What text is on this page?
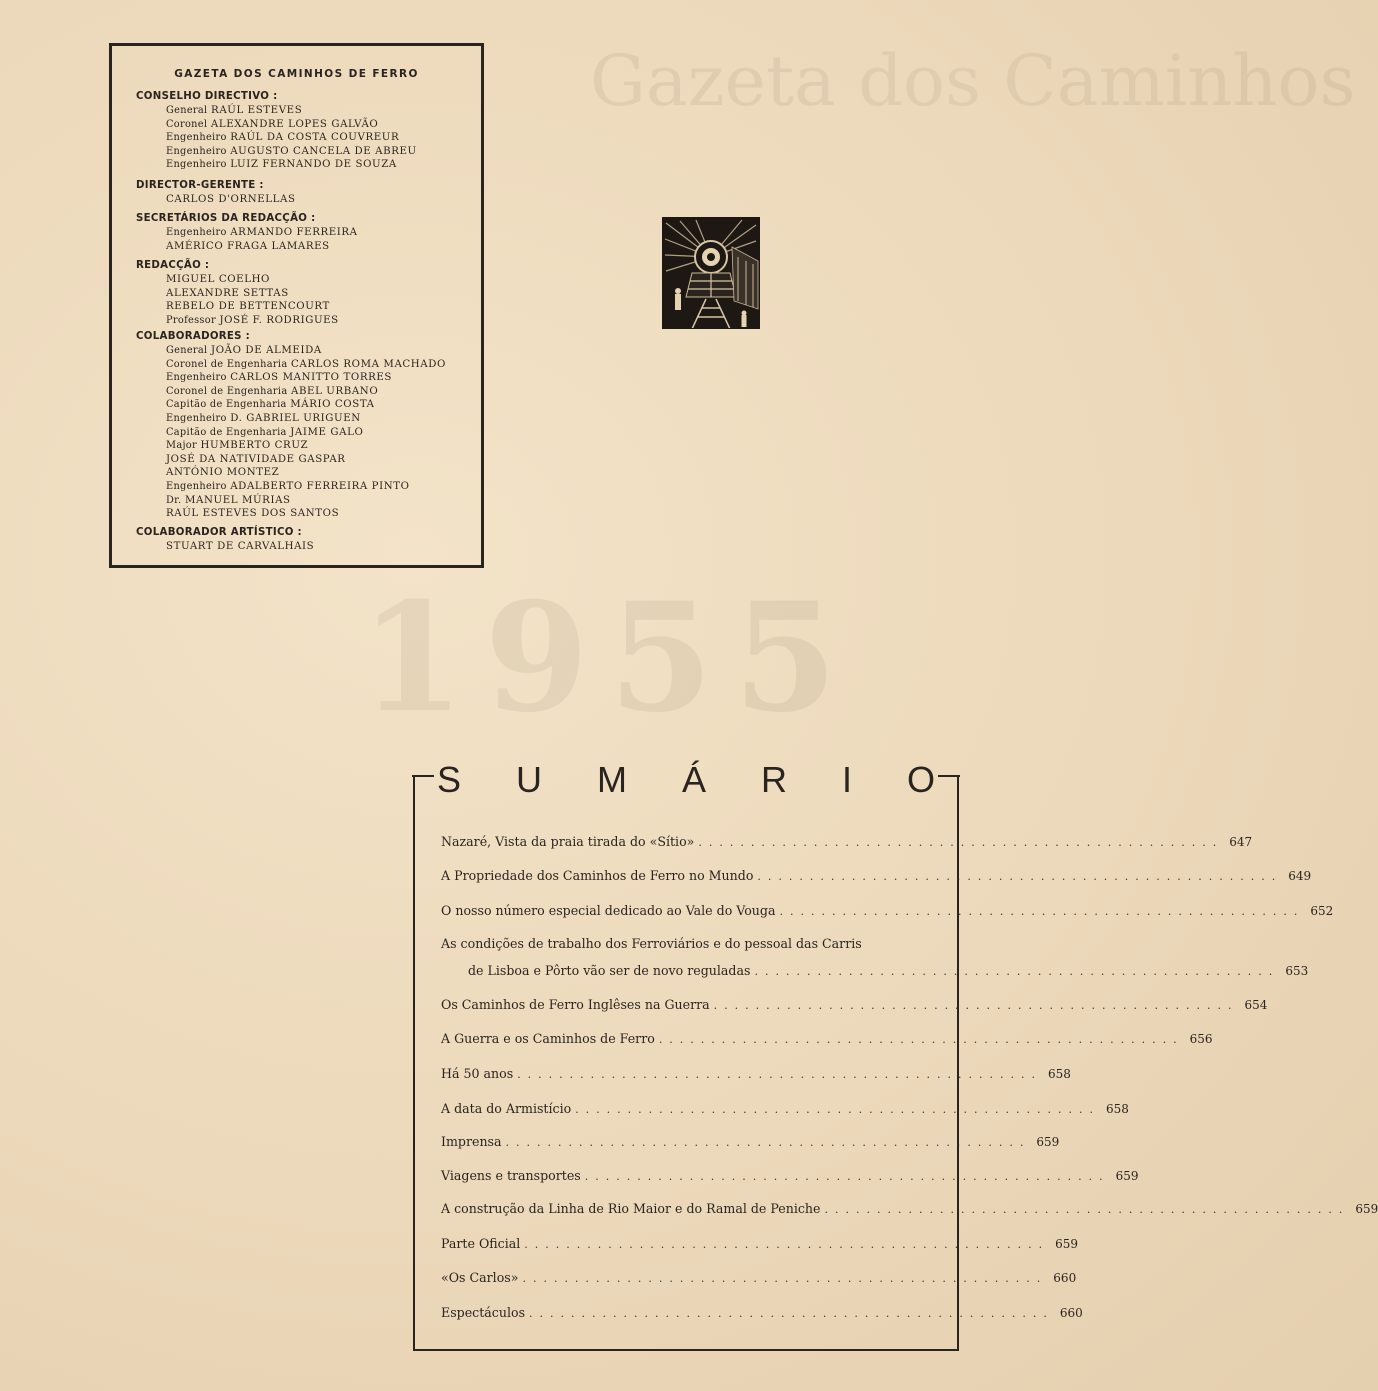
Gazeta dos Caminhos
1955
GAZETA DOS CAMINHOS DE FERRO
CONSELHO DIRECTIVO :
General RAÚL ESTEVES
Coronel ALEXANDRE LOPES GALVÃO
Engenheiro RAÚL DA COSTA COUVREUR
Engenheiro AUGUSTO CANCELA DE ABREU
Engenheiro LUIZ FERNANDO DE SOUZA
DIRECTOR-GERENTE :
CARLOS D'ORNELLAS
SECRETÁRIOS DA REDACÇÃO :
Engenheiro ARMANDO FERREIRA
AMÉRICO FRAGA LAMARES
REDACÇÃO :
MIGUEL COELHO
ALEXANDRE SETTAS
REBELO DE BETTENCOURT
Professor JOSÉ F. RODRIGUES
COLABORADORES :
General JOÃO DE ALMEIDA
Coronel de Engenharia CARLOS ROMA MACHADO
Engenheiro CARLOS MANITTO TORRES
Coronel de Engenharia ABEL URBANO
Capitão de Engenharia MÁRIO COSTA
Engenheiro D. GABRIEL URIGUEN
Capitão de Engenharia JAIME GALO
Major HUMBERTO CRUZ
JOSÉ DA NATIVIDADE GASPAR
ANTÓNIO MONTEZ
Engenheiro ADALBERTO FERREIRA PINTO
Dr. MANUEL MÚRIAS
RAÚL ESTEVES DOS SANTOS
COLABORADOR ARTÍSTICO :
STUART DE CARVALHAIS
S U M Á R I O
Nazaré, Vista da praia tirada do «Sítio» .................................................. 647
A Propriedade dos Caminhos de Ferro no Mundo .................................................. 649
O nosso número especial dedicado ao Vale do Vouga .................................................. 652
As condições de trabalho dos Ferroviários e do pessoal das Carris
de Lisboa e Pôrto vão ser de novo reguladas .................................................. 653
Os Caminhos de Ferro Inglêses na Guerra .................................................. 654
A Guerra e os Caminhos de Ferro .................................................. 656
Há 50 anos .................................................. 658
A data do Armistício .................................................. 658
Imprensa .................................................. 659
Viagens e transportes .................................................. 659
A construção da Linha de Rio Maior e do Ramal de Peniche .................................................. 659
Parte Oficial .................................................. 659
«Os Carlos» .................................................. 660
Espectáculos .................................................. 660
